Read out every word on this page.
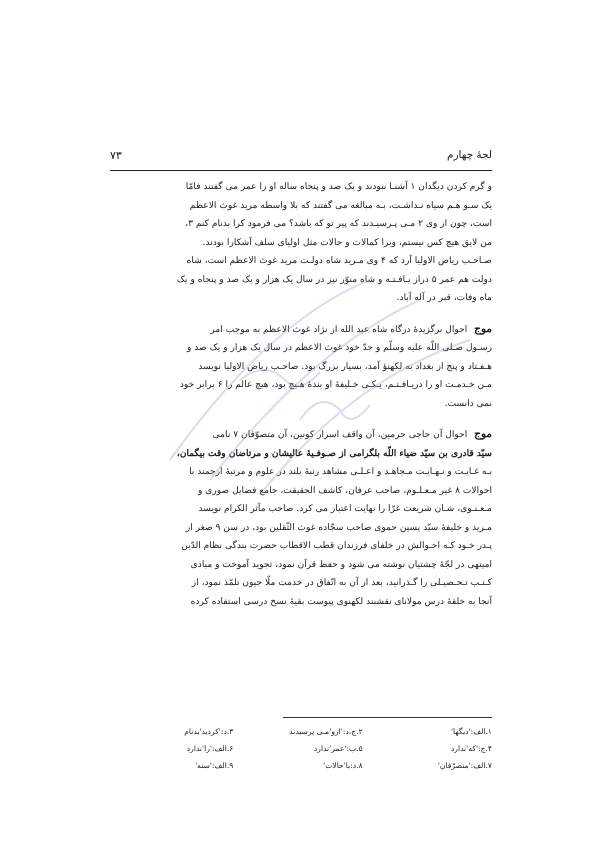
لجۀ چهارم
۷۳
و گرم کردن دیگدان ۱ آشنـا نبودند و یک صد و پنجاه ساله او را عمر می گفتند فامّا
یک سـو هـم سیاه نـداشـت، بـه مبالغه می گفتند که بلا واسطه مرید غوث الاعظم
است، چون از وی ۲ مـی پـرسیـدند که پیر تو که باشد؟ می فرمود کرا بدنام کنم ۳،
من لایق هیچ کس نیستم، وبرا کمالات و حالات مثل اولیای سلف آشکارا بودند.
صـاحـب ریاض الاولیا آرد که ۴ وی مـرید شاه دولـت مرید غوث الاعظم است، شاه
دولت هم عمر ۵ دراز یـافـتـه و شاه منوّر نیز در سال یک هزار و یک صد و پنجاه و یک
ماه وفات، قبر در آله آباد.
موج احوال برگزیدۀ درگاه شاه عبد الله از نژاد غوث الاعظم به موجب امر
رسـول صـلی اللّه علیه وسلّم و جدّ خود غوث الاعظم در سال یک هزار و یک صد و
هـفـتاد و پنج از بغداد به لکهنؤ آمد، بسیار بزرگ بود. صاحـب ریاض الاولیا نویسد
مـن خـدمـت او را دریـافـتـم، یـکـی خـلیفۀ او بندۀ هـیچ بود، هیچ عالم را ۶ برابر خود
نمی دانست.
موج احوال آن حاجی حرمین، آن واقف اسرار کونین، آن متصوّفان ۷ نامی
سیّد قادری بن سیّد ضیاء اللّه بلگرامی از صـوفـیۀ عالیشان و مرتاضان وقت بیگمان،
بـه غـایـت و نـهـایـت مـجاهـد و اعـلـی مشاهد رتبۀ بلند در علوم و مرتبۀ ارجمند با
احوالات ۸ غیر مـعـلـوم، صاحب عرفان، کاشف الحقیقت، جامع فضایل صوری و
مـعـنـوی، شـان شریعت غرّا را نهایت اعتبار می کرد. صاحب مآثر الکرام نویسد
مـرید و خلیفۀ سیّد یسین حموی صاحب سجّاده غوث الثّقلین بود، در سن ۹ صغر از
پـدر خـود کـه احـوالش در خلفای فرزندان قطب الاقطاب حضرت بندگی نظام الدّین
امیتهی در لجّۀ چشتیان نوشته می شود و حفظ قرآن نمود، تجوید آموخت و مبادی
کـتـب تـحـصیـلی را گـذرانید، بعد از آن به اتّفاق در خدمت ملّا جیون تلمّذ نمود، از
آنجا به خلقۀ درس مولانای نقشبند لکهنوی پیوست بقیۀ نسخ درسی استفاده کرده
۱.الف:'دیگها'
۲.ج،د:'ازو'مـی پرسیدند
۳.د:'کردید'بدنام
۴.ج:'که'ندارد
۵.ب:'عمر'ندارد
۶.الف:'را'ندارد
۷.الف:'متصرّفان'
۸.د:با'حالات'
۹.الف:'سنه'
